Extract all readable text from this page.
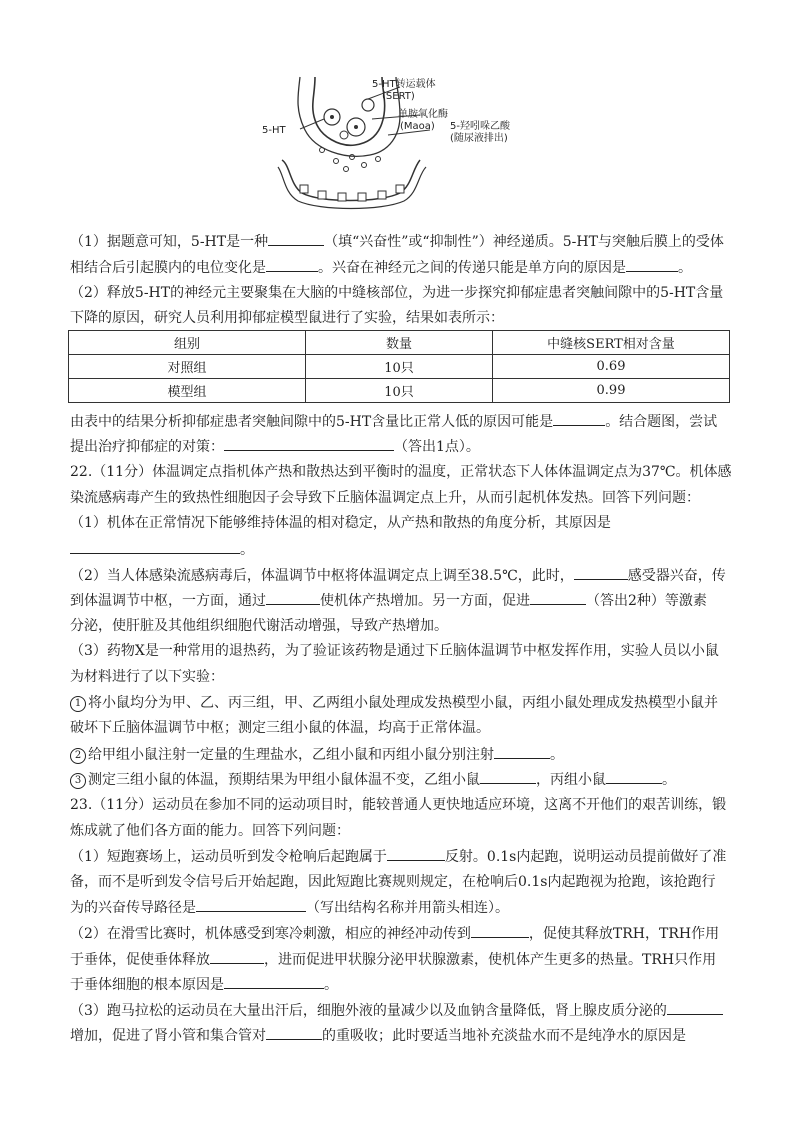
5-HT转运载体
(SERT)
单胺氧化酶
(Maoa)
5-HT	5-羟吲哚乙酸
(随尿液排出)
（1）据题意可知，5-HT是一种	（填“兴奋性”或“抑制性”）神经递质。5-HT与突触后膜上的受体
相结合后引起膜内的电位变化是	。兴奋在神经元之间的传递只能是单方向的原因是	。
（2）释放5-HT的神经元主要聚集在大脑的中缝核部位，为进一步探究抑郁症患者突触间隙中的5-HT含量
下降的原因，研究人员利用抑郁症模型鼠进行了实验，结果如表所示：
组别	数量	中缝核SERT相对含量
对照组	10只	0.69
模型组	10只	0.99
由表中的结果分析抑郁症患者突触间隙中的5-HT含量比正常人低的原因可能是	。结合题图，尝试
提出治疗抑郁症的对策：	（答出1点）。
22.（11分）体温调定点指机体产热和散热达到平衡时的温度，正常状态下人体体温调定点为37℃。机体感
染流感病毒产生的致热性细胞因子会导致下丘脑体温调定点上升，从而引起机体发热。回答下列问题：
（1）机体在正常情况下能够维持体温的相对稳定，从产热和散热的角度分析，其原因是
。
（2）当人体感染流感病毒后，体温调节中枢将体温调定点上调至38.5℃，此时，	感受器兴奋，传
到体温调节中枢，一方面，通过	使机体产热增加。另一方面，促进	（答出2种）等激素
分泌，使肝脏及其他组织细胞代谢活动增强，导致产热增加。
（3）药物X是一种常用的退热药，为了验证该药物是通过下丘脑体温调节中枢发挥作用，实验人员以小鼠
为材料进行了以下实验：
1 将小鼠均分为甲、乙、丙三组，甲、乙两组小鼠处理成发热模型小鼠，丙组小鼠处理成发热模型小鼠并
破坏下丘脑体温调节中枢；测定三组小鼠的体温，均高于正常体温。
2 给甲组小鼠注射一定量的生理盐水，乙组小鼠和丙组小鼠分别注射	。
3 测定三组小鼠的体温，预期结果为甲组小鼠体温不变，乙组小鼠	，丙组小鼠	。
23.（11分）运动员在参加不同的运动项目时，能较普通人更快地适应环境，这离不开他们的艰苦训练，锻
炼成就了他们各方面的能力。回答下列问题：
（1）短跑赛场上，运动员听到发令枪响后起跑属于	反射。0.1s内起跑，说明运动员提前做好了准
备，而不是听到发令信号后开始起跑，因此短跑比赛规则规定，在枪响后0.1s内起跑视为抢跑，该抢跑行
为的兴奋传导路径是	（写出结构名称并用箭头相连）。
（2）在滑雪比赛时，机体感受到寒冷刺激，相应的神经冲动传到	，促使其释放TRH，TRH作用
于垂体，促使垂体释放	，进而促进甲状腺分泌甲状腺激素，使机体产生更多的热量。TRH只作用
于垂体细胞的根本原因是	。
（3）跑马拉松的运动员在大量出汗后，细胞外液的量减少以及血钠含量降低，肾上腺皮质分泌的
增加，促进了肾小管和集合管对	的重吸收；此时要适当地补充淡盐水而不是纯净水的原因是
